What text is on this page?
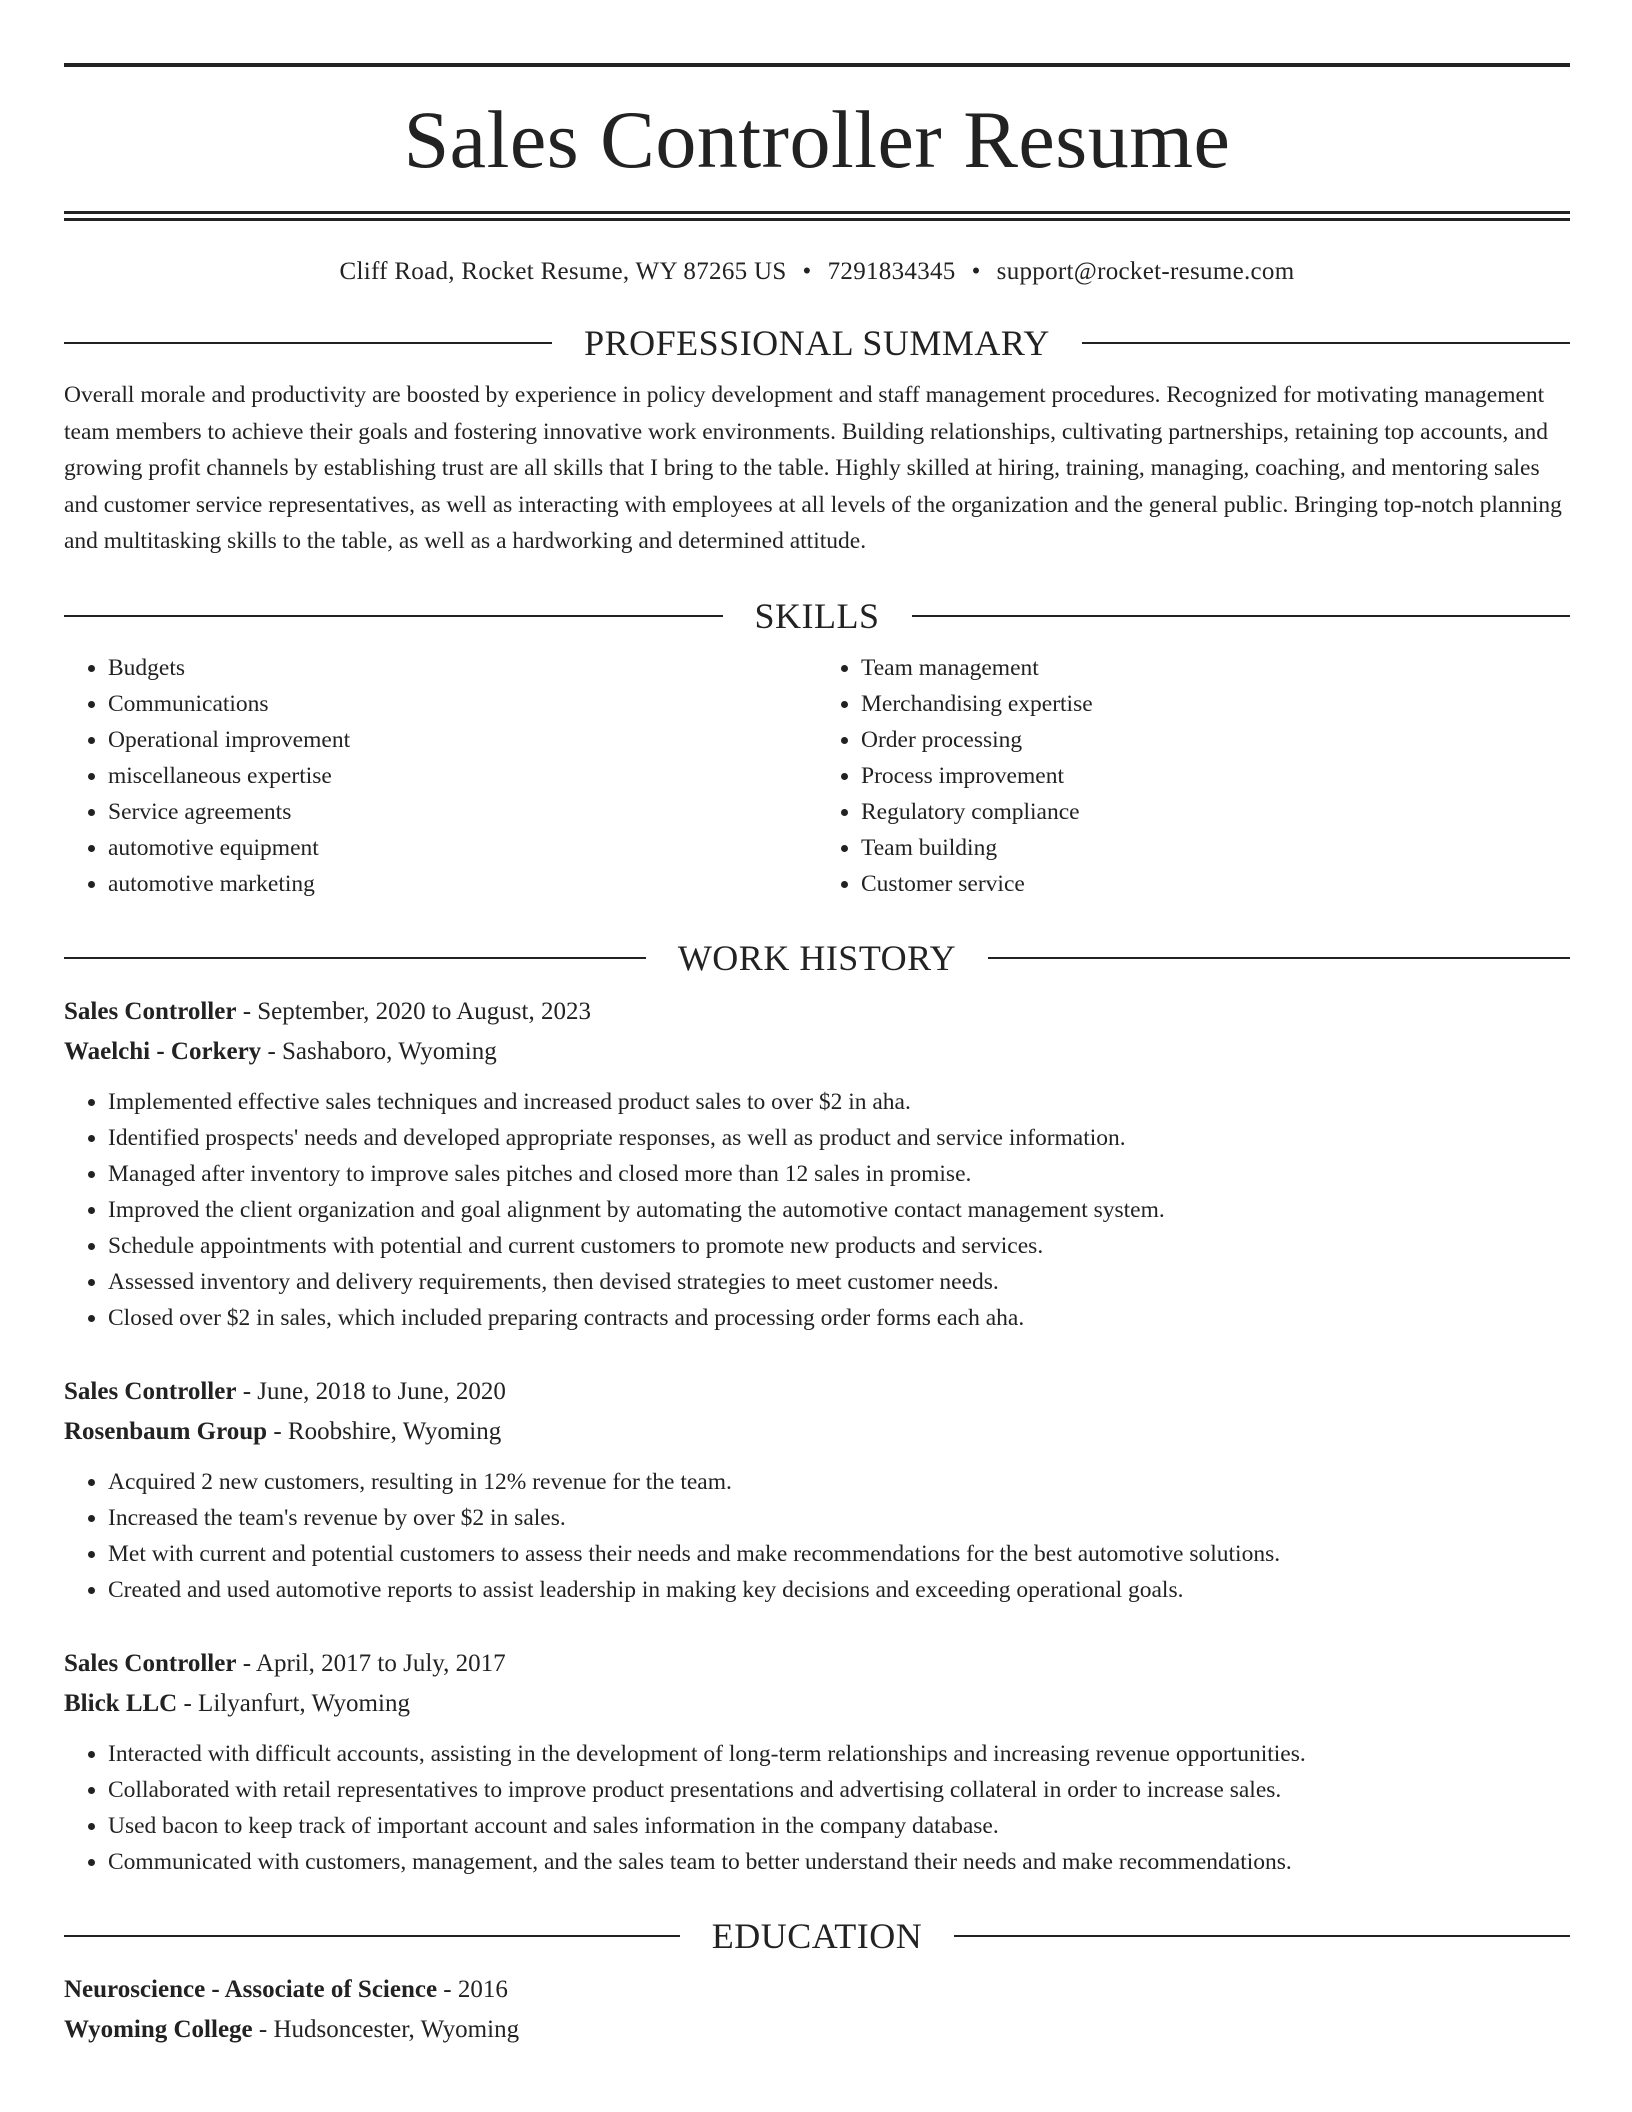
Sales Controller Resume
Cliff Road, Rocket Resume, WY 87265 US • 7291834345 • support@rocket-resume.com
PROFESSIONAL SUMMARY
Overall morale and productivity are boosted by experience in policy development and staff management procedures. Recognized for motivating management team members to achieve their goals and fostering innovative work environments. Building relationships, cultivating partnerships, retaining top accounts, and growing profit channels by establishing trust are all skills that I bring to the table. Highly skilled at hiring, training, managing, coaching, and mentoring sales and customer service representatives, as well as interacting with employees at all levels of the organization and the general public. Bringing top-notch planning and multitasking skills to the table, as well as a hardworking and determined attitude.
SKILLS
• Budgets
• Communications
• Operational improvement
• miscellaneous expertise
• Service agreements
• automotive equipment
• automotive marketing
• Team management
• Merchandising expertise
• Order processing
• Process improvement
• Regulatory compliance
• Team building
• Customer service
WORK HISTORY
Sales Controller - September, 2020 to August, 2023
Waelchi - Corkery - Sashaboro, Wyoming
• Implemented effective sales techniques and increased product sales to over $2 in aha.
• Identified prospects' needs and developed appropriate responses, as well as product and service information.
• Managed after inventory to improve sales pitches and closed more than 12 sales in promise.
• Improved the client organization and goal alignment by automating the automotive contact management system.
• Schedule appointments with potential and current customers to promote new products and services.
• Assessed inventory and delivery requirements, then devised strategies to meet customer needs.
• Closed over $2 in sales, which included preparing contracts and processing order forms each aha.
Sales Controller - June, 2018 to June, 2020
Rosenbaum Group - Roobshire, Wyoming
• Acquired 2 new customers, resulting in 12% revenue for the team.
• Increased the team's revenue by over $2 in sales.
• Met with current and potential customers to assess their needs and make recommendations for the best automotive solutions.
• Created and used automotive reports to assist leadership in making key decisions and exceeding operational goals.
Sales Controller - April, 2017 to July, 2017
Blick LLC - Lilyanfurt, Wyoming
• Interacted with difficult accounts, assisting in the development of long-term relationships and increasing revenue opportunities.
• Collaborated with retail representatives to improve product presentations and advertising collateral in order to increase sales.
• Used bacon to keep track of important account and sales information in the company database.
• Communicated with customers, management, and the sales team to better understand their needs and make recommendations.
EDUCATION
Neuroscience - Associate of Science - 2016
Wyoming College - Hudsoncester, Wyoming
